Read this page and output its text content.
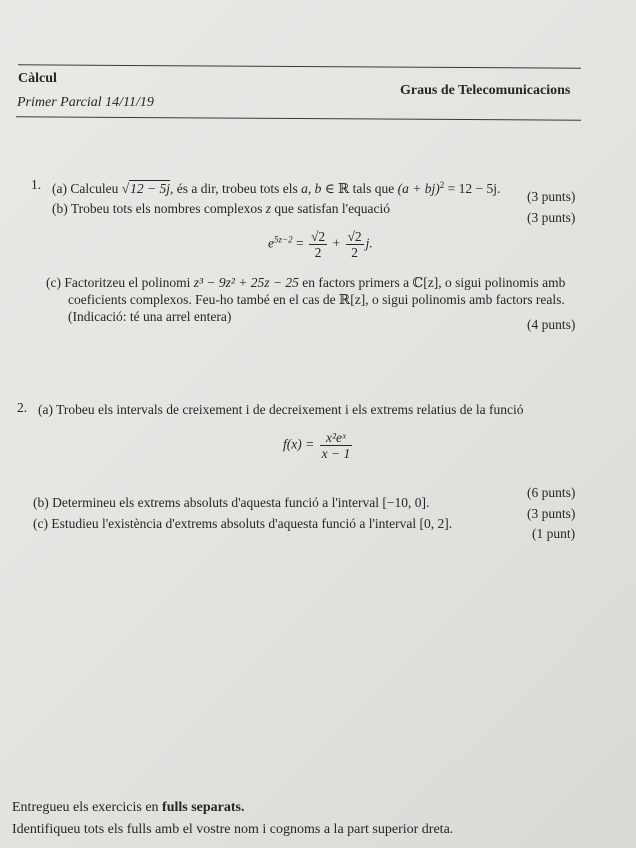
Càlcul
Primer Parcial 14/11/19
Graus de Telecomunicacions
1. (a) Calculeu √12 − 5j, és a dir, trobeu tots els a, b ∈ ℝ tals que (a + bj)$^2$ = 12 − 5j.
(3 punts)
(b) Trobeu tots els nombres complexos z que satisfan l'equació
(3 punts)
$e^{5z-2} = \frac{√2}{2} + \frac{√2}{2} j$.
(c) Factoritzeu el polinomi z³ − 9z² + 25z − 25 en factors primers a ℂ[z], o sigui polinomis amb
coeficients complexos. Feu-ho també en el cas de ℝ[z], o sigui polinomis amb factors reals.
(Indicació: té una arrel entera)
(4 punts)
2. (a) Trobeu els intervals de creixement i de decreixement i els extrems relatius de la funció
$f(x) = \frac{\text{x²eˣ}}{x - 1}$
(6 punts)
(b) Determineu els extrems absoluts d'aquesta funció a l'interval [−10, 0].
(3 punts)
(c) Estudieu l'existència d'extrems absoluts d'aquesta funció a l'interval [0, 2].
(1 punt)
Entregueu els exercicis en fulls separats.
Identifiqueu tots els fulls amb el vostre nom i cognoms a la part superior dreta.
